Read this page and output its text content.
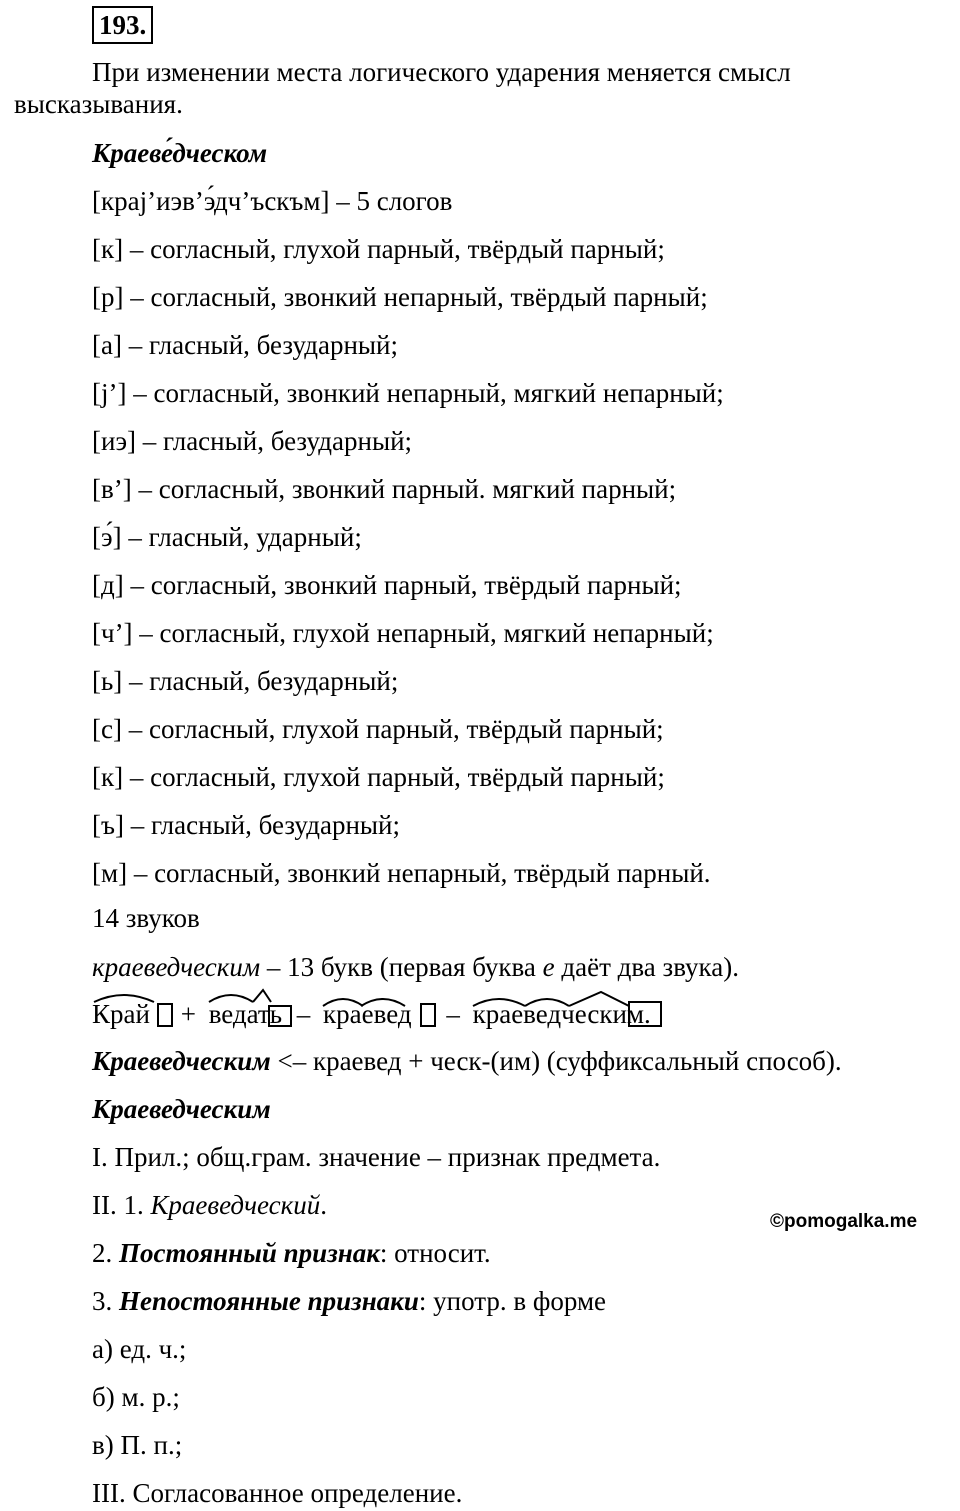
193.
При изменении места логического ударения меняется смысл
высказывания.
Краеве́дческом
[краj’иэв’э́дч’ъскъм] – 5 слогов
[к] – согласный, глухой парный, твёрдый парный;
[р] – согласный, звонкий непарный, твёрдый парный;
[а] – гласный, безударный;
[j’] – согласный, звонкий непарный, мягкий непарный;
[иэ] – гласный, безударный;
[в’] – согласный, звонкий парный. мягкий парный;
[э́] – гласный, ударный;
[д] – согласный, звонкий парный, твёрдый парный;
[ч’] – согласный, глухой непарный, мягкий непарный;
[ь] – гласный, безударный;
[с] – согласный, глухой парный, твёрдый парный;
[к] – согласный, глухой парный, твёрдый парный;
[ъ] – гласный, безударный;
[м] – согласный, звонкий непарный, твёрдый парный.
14 звуков
краеведческим – 13 букв (первая буква е даёт два звука).
Край + ведать – краевед – краеведческим
.
Краеведческим <– краевед + ческ-(им) (суффиксальный способ).
Краеведческим
I. Прил.; общ.грам. значение – признак предмета.
II. 1. Краеведческий.
©pomogalka.me
2. Постоянный признак: относит.
3. Непостоянные признаки: употр. в форме
а) ед. ч.;
б) м. р.;
в) П. п.;
III. Согласованное определение.
